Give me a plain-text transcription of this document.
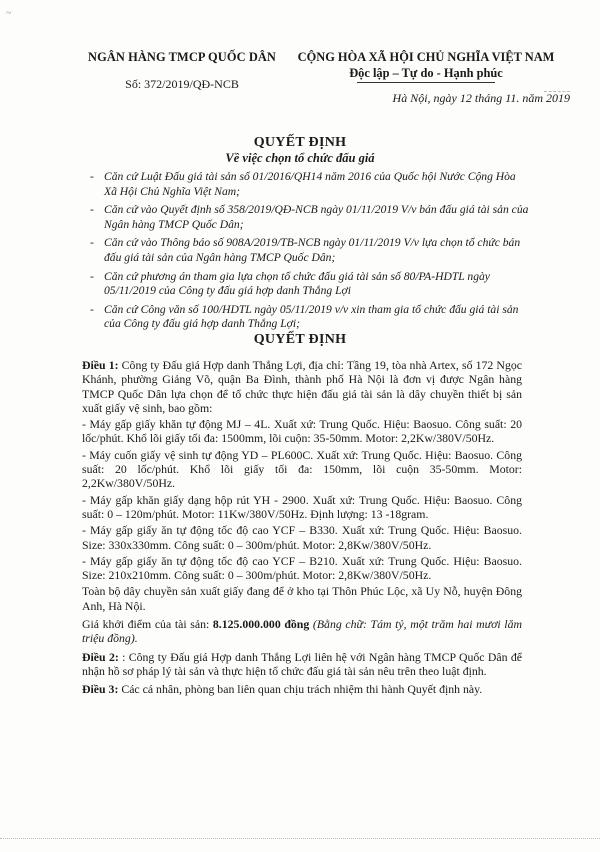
~
NGÂN HÀNG TMCP QUỐC DÂN
Số: 372/2019/QĐ-NCB
CỘNG HÒA XÃ HỘI CHỦ NGHĨA VIỆT NAM
Độc lập – Tự do - Hạnh phúc
Hà Nội, ngày 12 tháng 11. năm 2019
QUYẾT ĐỊNH
Về việc chọn tổ chức đấu giá
- Căn cứ Luật Đấu giá tài sản số 01/2016/QH14 năm 2016 của Quốc hội Nước Cộng Hòa Xã Hội Chủ Nghĩa Việt Nam;
- Căn cứ vào Quyết định số 358/2019/QĐ-NCB ngày 01/11/2019 V/v bán đấu giá tài sản của Ngân hàng TMCP Quốc Dân;
- Căn cứ vào Thông báo số 908A/2019/TB-NCB ngày 01/11/2019 V/v lựa chọn tổ chức bán đấu giá tài sản của Ngân hàng TMCP Quốc Dân;
- Căn cứ phương án tham gia lựa chọn tổ chức đấu giá tài sản số 80/PA-HDTL ngày 05/11/2019 của Công ty đấu giá hợp danh Thắng Lợi
- Căn cứ Công văn số 100/HDTL ngày 05/11/2019 v/v xin tham gia tổ chức đấu giá tài sản của Công ty đấu giá hợp danh Thắng Lợi;
QUYẾT ĐỊNH

Điều 1: Công ty Đấu giá Hợp danh Thắng Lợi, địa chỉ: Tầng 19, tòa nhà Artex, số 172 Ngọc Khánh, phường Giảng Võ, quận Ba Đình, thành phố Hà Nội là đơn vị được Ngân hàng TMCP Quốc Dân lựa chọn để tổ chức thực hiện đấu giá tài sản là dây chuyền thiết bị sản xuất giấy vệ sinh, bao gồm:

- Máy gấp giấy khăn tự động MJ – 4L. Xuất xứ: Trung Quốc. Hiệu: Baosuo. Công suất: 20 lốc/phút. Khổ lõi giấy tối đa: 1500mm, lõi cuộn: 35-50mm. Motor: 2,2Kw/380V/50Hz.

- Máy cuốn giấy vệ sinh tự động YD – PL600C. Xuất xứ: Trung Quốc. Hiệu: Baosuo. Công suất: 20 lốc/phút. Khổ lõi giấy tối đa: 150mm, lõi cuộn 35-50mm. Motor: 2,2Kw/380V/50Hz.

- Máy gấp khăn giấy dạng hộp rút YH - 2900. Xuất xứ: Trung Quốc. Hiệu: Baosuo. Công suất: 0 – 120m/phút. Motor: 11Kw/380V/50Hz. Định lượng: 13 -18gram.

- Máy gấp giấy ăn tự động tốc độ cao YCF – B330. Xuất xứ: Trung Quốc. Hiệu: Baosuo. Size: 330x330mm. Công suất: 0 – 300m/phút. Motor: 2,8Kw/380V/50Hz.

- Máy gấp giấy ăn tự động tốc độ cao YCF – B210. Xuất xứ: Trung Quốc. Hiệu: Baosuo. Size: 210x210mm. Công suất: 0 – 300m/phút. Motor: 2,8Kw/380V/50Hz.

Toàn bộ dây chuyền sản xuất giấy đang để ở kho tại Thôn Phúc Lộc, xã Uy Nỗ, huyện Đông Anh, Hà Nội.

Giá khởi điểm của tài sản: 8.125.000.000 đồng (Bằng chữ: Tám tỷ, một trăm hai mươi lăm triệu đồng).

Điều 2: : Công ty Đấu giá Hợp danh Thắng Lợi liên hệ với Ngân hàng TMCP Quốc Dân để nhận hồ sơ pháp lý tài sản và thực hiện tổ chức đấu giá tài sản nêu trên theo luật định.

Điều 3: Các cá nhân, phòng ban liên quan chịu trách nhiệm thi hành Quyết định này.
